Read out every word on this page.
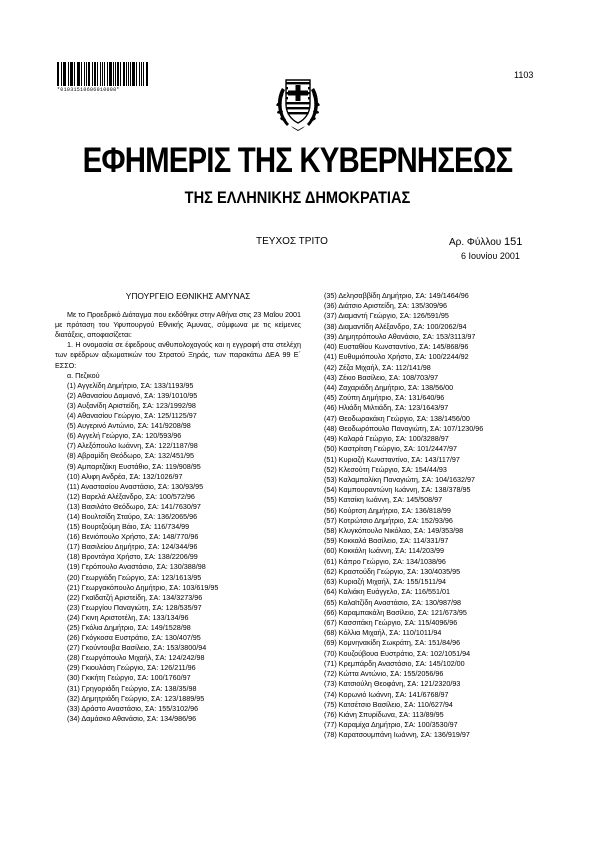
*01031510606010008*
1103
ΕΦΗΜΕΡΙΣ ΤΗΣ ΚΥΒΕΡΝΗΣΕΩΣ
ΤΗΣ ΕΛΛΗΝΙΚΗΣ ΔΗΜΟΚΡΑΤΙΑΣ
ΤΕΥΧΟΣ ΤΡΙΤΟ	Αρ. Φύλλου 151
6 Ιουνίου 2001
ΥΠΟΥΡΓΕΙΟ ΕΘΝΙΚΗΣ ΑΜΥΝΑΣ

Με το Προεδρικό Διάταγμα που εκδόθηκε στην Αθήνα στις 23 Μαΐου 2001 με πρόταση του Υφυπουργού Εθνικής Άμυνας, σύμφωνα με τις κείμενες διατάξεις, αποφασίζεται:

1. Η ονομασία σε έφεδρους ανθυπολοχαγούς και η εγγραφή στα στελέχη των εφέδρων αξιωματικών του Στρατού Ξηράς, των παρακάτω ΔΕΑ 99 Ε΄ ΕΣΣΟ:

α. Πεζικού
(1) Αγγελίδη Δημήτριο, ΣΑ: 133/1193/95
(2) Αθανασίου Δαμιανό, ΣΑ: 139/1010/95
(3) Αυξανίδη Αριστείδη, ΣΑ: 123/1992/98
(4) Αθανασίου Γεώργιο, ΣΑ: 125/1125/97
(5) Αυγερινό Αντώνιο, ΣΑ: 141/9208/98
(6) Αγγελή Γεώργιο, ΣΑ: 120/593/96
(7) Αλεξόπουλο Ιωάννη, ΣΑ: 122/1187/98
(8) Αβραμίδη Θεόδωρο, ΣΑ: 132/451/95
(9) Αμπαρτζάκη Ευστάθιο, ΣΑ: 119/908/95
(10) Αλιφη Ανδρέα, ΣΑ: 132/1026/97
(11) Αναστασίου Αναστάσιο, ΣΑ: 130/93/95
(12) Βαρελά Αλέξανδρο, ΣΑ: 100/572/96
(13) Βασιλάτο Θεόδωρο, ΣΑ: 141/7630/97
(14) Βουλτσίδη Σταύρο, ΣΑ: 136/2065/96
(15) Βουρτζούμη Βάιο, ΣΑ: 116/734/99
(16) Βενιόπουλο Χρήστο, ΣΑ: 148/770/96
(17) Βασιλείου Δημήτριο, ΣΑ: 124/344/96
(18) Βροντάγια Χρήστο, ΣΑ: 138/2206/99
(19) Γερόπουλο Αναστάσιο, ΣΑ: 130/388/98
(20) Γεωργιάδη Γεώργιο, ΣΑ: 123/1613/95
(21) Γεωργακόπουλο Δημήτριο, ΣΑ: 103/619/95
(22) Γκαϊδατζή Αριστείδη, ΣΑ: 134/3273/96
(23) Γεωργίου Παναγιώτη, ΣΑ: 128/535/97
(24) Γκινη Αριστοτέλη, ΣΑ: 133/134/96
(25) Γκόλια Δημήτριο, ΣΑ: 149/1528/98
(26) Γκόγκοσα Ευστράτιο, ΣΑ: 130/407/95
(27) Γκούντουβα Βασίλειο, ΣΑ: 153/3800/94
(28) Γεωργόπουλο Μιχαήλ, ΣΑ: 124/242/98
(29) Γκιουλάση Γεώργιο, ΣΑ: 126/211/96
(30) Γκικήτη Γεώργιο, ΣΑ: 100/1760/97
(31) Γρηγοριάδη Γεώργιο, ΣΑ: 138/35/98
(32) Δημητριάδη Γεώργιο, ΣΑ: 123/1889/95
(33) Δράστο Αναστάσιο, ΣΑ: 155/3102/96
(34) Δαμάσκο Αθανάσιο, ΣΑ: 134/986/96
(35) Δελησαββίδη Δημήτριο, ΣΑ: 149/1464/96
(36) Διάτσιο Αριστείδη, ΣΑ: 135/309/96
(37) Διαμαντή Γεώργιο, ΣΑ: 126/591/95
(38) Διαμαντίδη Αλέξανδρο, ΣΑ: 100/2062/94
(39) Δημητρόπουλο Αθανάσιο, ΣΑ: 153/3113/97
(40) Ευσταθίου Κωνσταντίνο, ΣΑ: 145/868/96
(41) Ευθυμιόπουλο Χρήστο, ΣΑ: 100/2244/92
(42) Ζέζα Μιχαήλ, ΣΑ: 112/141/98
(43) Ζέκιο Βασίλειο, ΣΑ: 108/703/97
(44) Ζαχαριάδη Δημήτριο, ΣΑ: 138/56/00
(45) Ζούπη Δημήτριο, ΣΑ: 131/640/96
(46) Ηλιάδη Μιλτιάδη, ΣΑ: 123/1643/97
(47) Θεοδωρακάκη Γεώργιο, ΣΑ: 138/1456/00
(48) Θεοδωρόπουλο Παναγιώτη, ΣΑ: 107/1230/96
(49) Καλαρά Γεώργιο, ΣΑ: 100/3288/97
(50) Καστρίτση Γεώργιο, ΣΑ: 101/2447/97
(51) Κυριαζή Κωνσταντίνο, ΣΑ: 143/117/97
(52) Κλεσούτη Γεώργιο, ΣΑ: 154/44/93
(53) Καλαμπαλίκη Παναγιώτη, ΣΑ: 104/1632/97
(54) Καμπουραντώνη Ιωάννη, ΣΑ: 138/378/95
(55) Κατσίκη Ιωάννη, ΣΑ: 145/508/97
(56) Κούρτση Δημήτριο, ΣΑ: 136/818/99
(57) Κοτρώτσιο Δημήτριο, ΣΑ: 152/93/96
(58) Κλυγκόπουλο Νικόλαο, ΣΑ: 149/353/98
(59) Κοκκαλά Βασίλειο, ΣΑ: 114/331/97
(60) Κοκκάλη Ιωάννη, ΣΑ: 114/203/99
(61) Κάπρο Γεώργιο, ΣΑ: 134/1038/96
(62) Κραστούδη Γεώργιο, ΣΑ: 130/4035/95
(63) Κυριαζή Μιχαήλ, ΣΑ: 155/1511/94
(64) Καλιάκη Ευάγγελο, ΣΑ: 116/551/01
(65) Καλαϊτζίδη Αναστάσιο, ΣΑ: 130/987/98
(66) Καραμπακάλη Βασίλειο, ΣΑ: 121/673/95
(67) Κασσιτάκη Γεώργιο, ΣΑ: 115/4096/96
(68) Κόλλια Μιχαήλ, ΣΑ: 110/1011/94
(69) Κομνηνακίδη Σωκράτη, ΣΑ: 151/84/96
(70) Κουζούβουα Ευστράτιο, ΣΑ: 102/1051/94
(71) Κρεμπάρδη Αναστάσιο, ΣΑ: 145/102/00
(72) Κώττα Αντώνιο, ΣΑ: 155/2056/96
(73) Κατσιούλη Θεοφάνη, ΣΑ: 121/2320/93
(74) Κορωνιό Ιωάννη, ΣΑ: 141/6768/97
(75) Κατσέτσιο Βασίλειο, ΣΑ: 110/627/94
(76) Κιάνη Σπυρίδωνα, ΣΑ: 113/89/95
(77) Καραμίχα Δημήτριο, ΣΑ: 100/3530/97
(78) Καρατσουμπάνη Ιωάννη, ΣΑ: 136/919/97
